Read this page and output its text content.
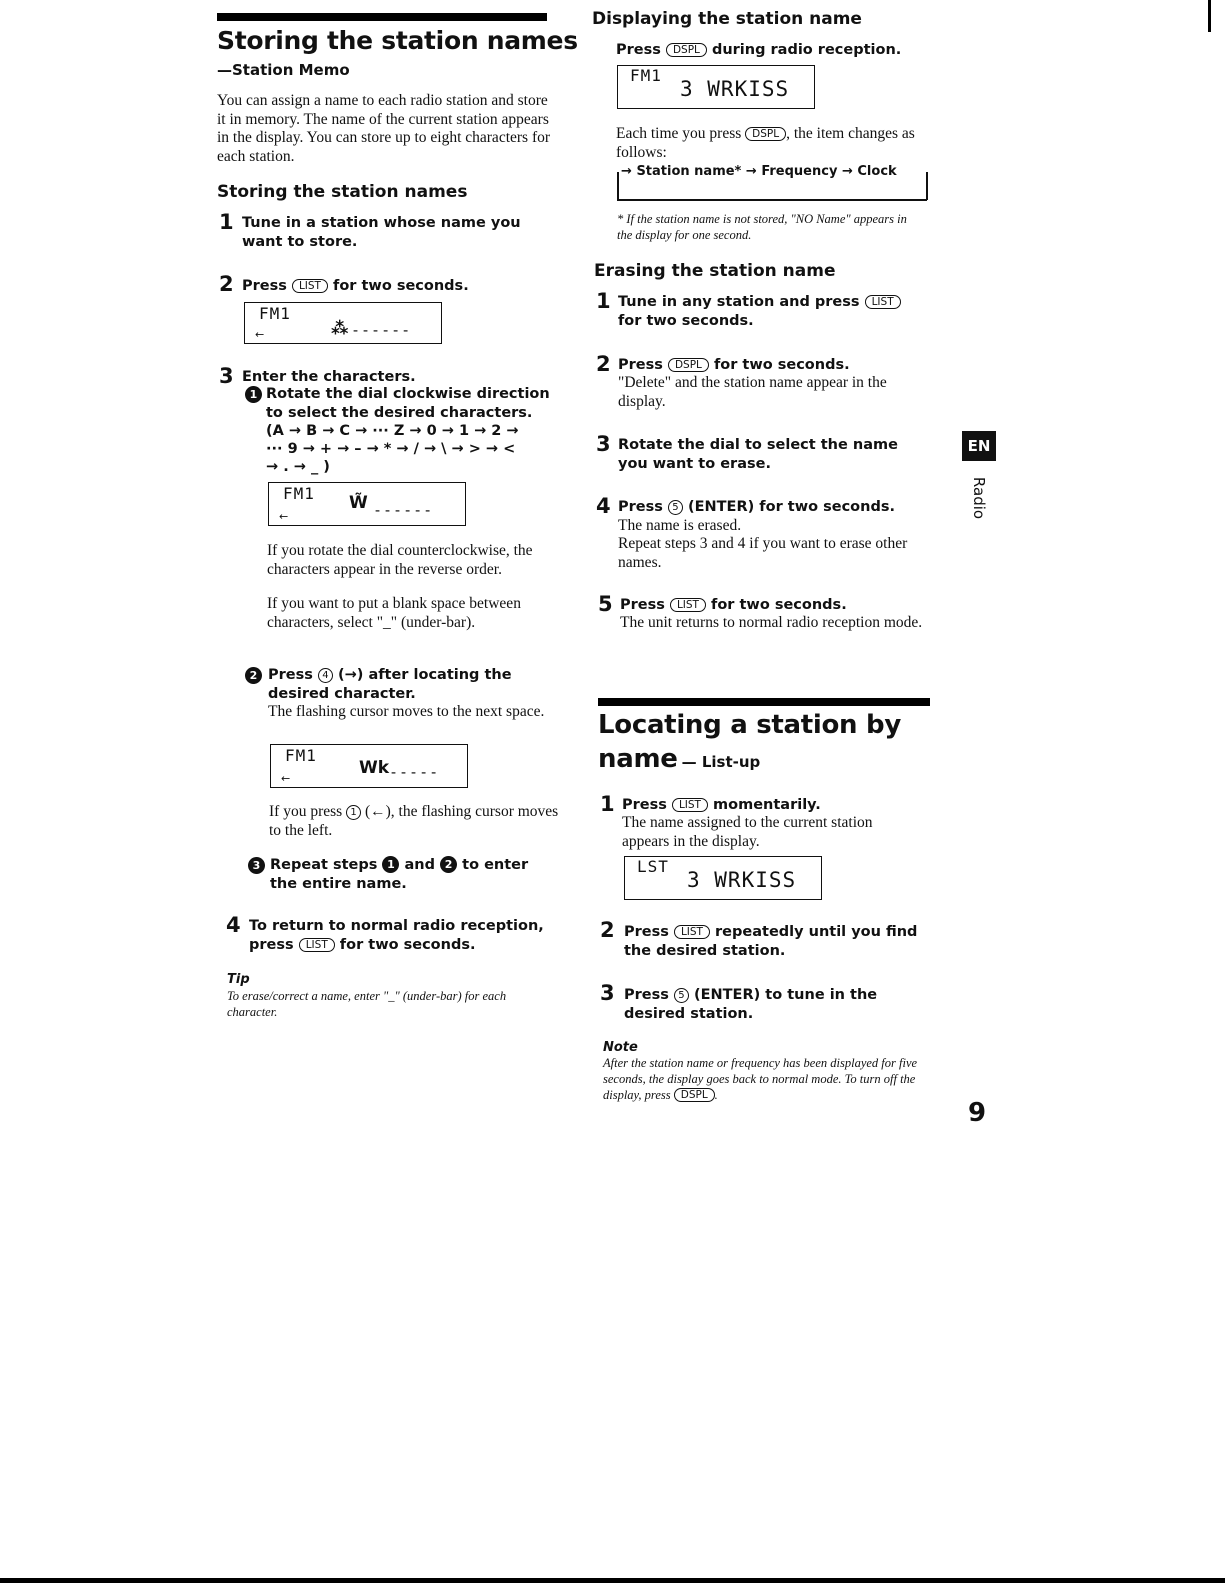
Storing the station names
—Station Memo
You can assign a name to each radio station and store it in memory. The name of the current station appears in the display. You can store up to eight characters for each station.
Storing the station names
1 Tune in a station whose name you want to store.
2 Press LIST for two seconds.
FM1
⁂ ------
←
3 Enter the characters.
1 Rotate the dial clockwise direction to select the desired characters.
(A → B → C → ··· Z → 0 → 1 → 2 →
··· 9 → + → – → * → / → \ → > → <
→ . → _ )
FM1 W̃ ------
←
If you rotate the dial counterclockwise, the characters appear in the reverse order.
If you want to put a blank space between characters, select "_" (under-bar).
2 Press 4 (→) after locating the desired character.
The flashing cursor moves to the next space.
FM1
Wk -----
←
If you press 1 (←), the flashing cursor moves to the left.
3 Repeat steps 1 and 2 to enter the entire name.
4 To return to normal radio reception, press LIST for two seconds.
Tip
To erase/correct a name, enter "_" (under-bar) for each character.
Displaying the station name
Press DSPL during radio reception.
FM1
3 WRKISS
Each time you press DSPL , the item changes as follows:
→ Station name* → Frequency → Clock
* If the station name is not stored, "NO Name" appears in the display for one second.
Erasing the station name
1 Tune in any station and press LIST for two seconds.
2 Press DSPL for two seconds.
"Delete" and the station name appear in the display.
3 Rotate the dial to select the name you want to erase.
4 Press 5 (ENTER) for two seconds.
The name is erased.
Repeat steps 3 and 4 if you want to erase other names.
5 Press LIST for two seconds.
The unit returns to normal radio reception mode.
Locating a station by
name — List-up
1 Press LIST momentarily.
The name assigned to the current station appears in the display.
LST
3 WRKISS
2 Press LIST repeatedly until you find the desired station.
3 Press 5 (ENTER) to tune in the desired station.
Note
After the station name or frequency has been displayed for five seconds, the display goes back to normal mode. To turn off the display, press DSPL .
EN
Radio
9
